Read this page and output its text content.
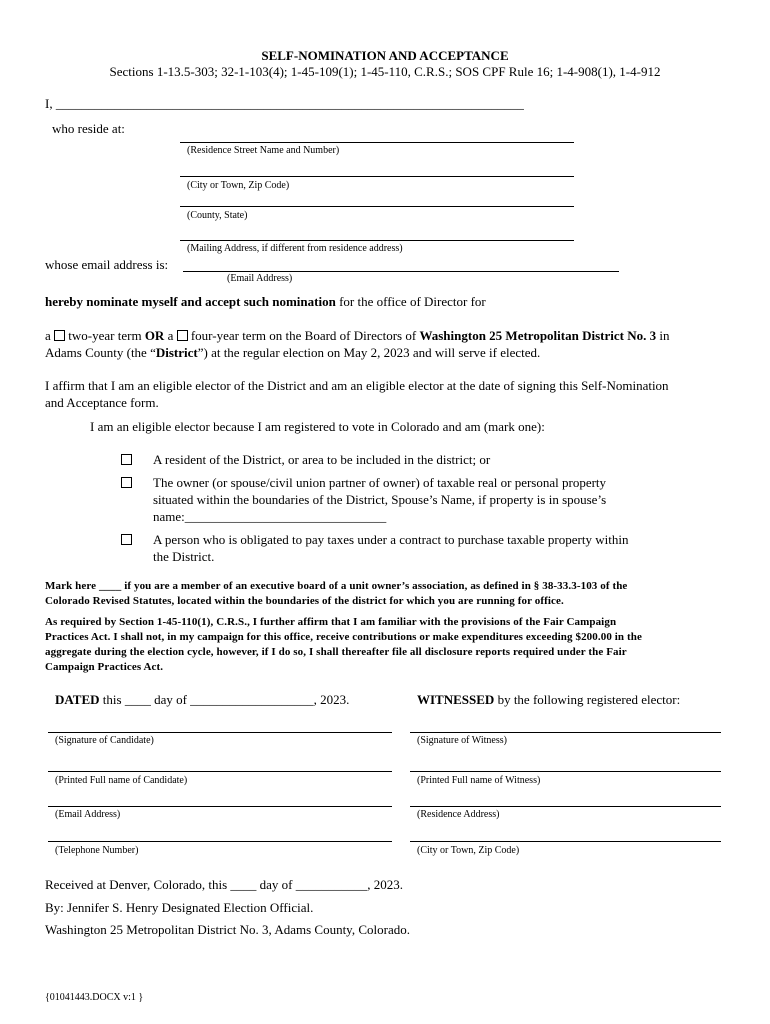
SELF-NOMINATION AND ACCEPTANCE
Sections 1-13.5-303; 32-1-103(4); 1-45-109(1); 1-45-110, C.R.S.; SOS CPF Rule 16; 1-4-908(1), 1-4-912
I, ________________________________________________________________________
who reside at:
(Residence Street Name and Number)
(City or Town, Zip Code)
(County, State)
(Mailing Address, if different from residence address)
whose email address is:
(Email Address)
hereby nominate myself and accept such nomination for the office of Director for
a two-year term OR a four-year term on the Board of Directors of Washington 25 Metropolitan District No. 3 in
Adams County (the “District”) at the regular election on May 2, 2023 and will serve if elected.
I affirm that I am an eligible elector of the District and am an eligible elector at the date of signing this Self-Nomination
and Acceptance form.
I am an eligible elector because I am registered to vote in Colorado and am (mark one):
A resident of the District, or area to be included in the district; or
The owner (or spouse/civil union partner of owner) of taxable real or personal property
situated within the boundaries of the District, Spouse’s Name, if property is in spouse’s
name:_______________________________
A person who is obligated to pay taxes under a contract to purchase taxable property within
the District.
Mark here ____ if you are a member of an executive board of a unit owner’s association, as defined in § 38-33.3-103 of the
Colorado Revised Statutes, located within the boundaries of the district for which you are running for office.
As required by Section 1-45-110(1), C.R.S., I further affirm that I am familiar with the provisions of the Fair Campaign
Practices Act. I shall not, in my campaign for this office, receive contributions or make expenditures exceeding $200.00 in the
aggregate during the election cycle, however, if I do so, I shall thereafter file all disclosure reports required under the Fair
Campaign Practices Act.
DATED this ____ day of ___________________, 2023.	WITNESSED by the following registered elector:
(Signature of Candidate)
(Printed Full name of Candidate)
(Email Address)
(Telephone Number)
(Signature of Witness)
(Printed Full name of Witness)
(Residence Address)
(City or Town, Zip Code)
Received at Denver, Colorado, this ____ day of ___________, 2023.
By: Jennifer S. Henry Designated Election Official.
Washington 25 Metropolitan District No. 3, Adams County, Colorado.
{01041443.DOCX v:1 }
